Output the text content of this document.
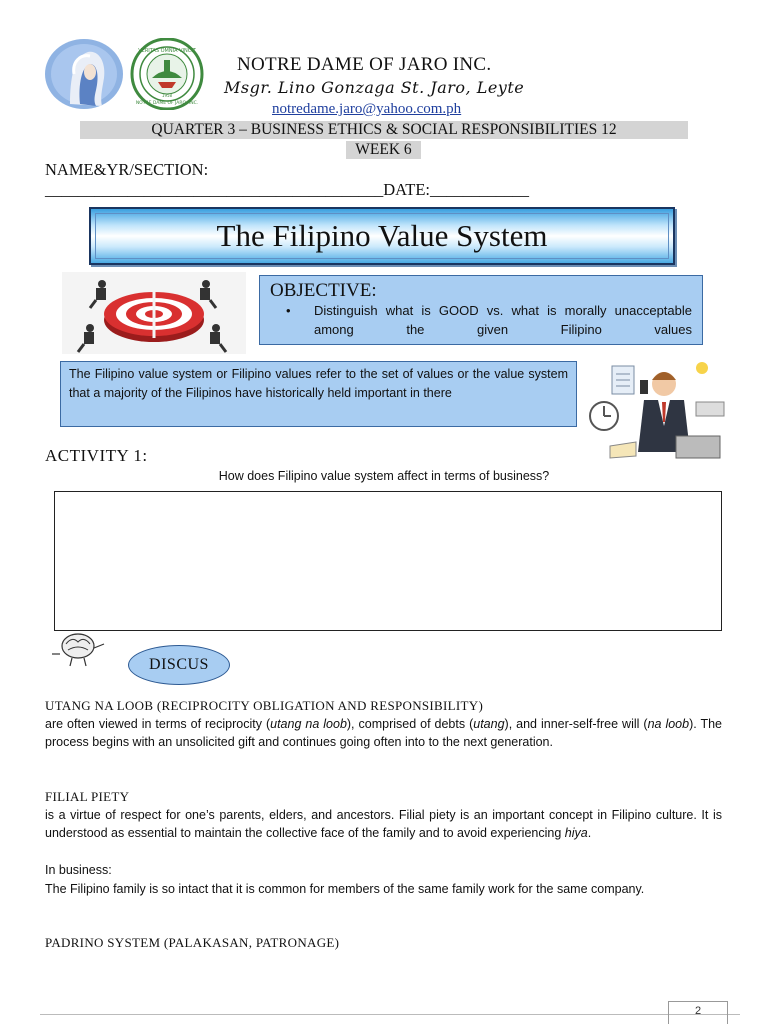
VERITAS OMNIA VINCIT
NOTRE DAME OF JARO, INC.
1958
NOTRE DAME OF JARO INC.
Msgr. Lino Gonzaga St. Jaro, Leyte
notredame.jaro@yahoo.com.ph
QUARTER 3 – BUSINESS ETHICS & SOCIAL RESPONSIBILITIES 12
WEEK 6
NAME&YR/SECTION:
_________________________________________DATE:____________
The Filipino Value System
OBJECTIVE:
•	Distinguish what is GOOD vs. what is morally unacceptable among the given Filipino values
The Filipino value system or Filipino values refer to the set of values or the value system that a majority of the Filipinos have historically held important in there
ACTIVITY 1:
How does Filipino value system affect in terms of business?
DISCUS
UTANG NA LOOB (RECIPROCITY OBLIGATION AND RESPONSIBILITY)
are often viewed in terms of reciprocity (utang na loob), comprised of debts (utang), and inner-self-free will (na loob). The process begins with an unsolicited gift and continues going often into to the next generation.
FILIAL PIETY
is a virtue of respect for one’s parents, elders, and ancestors. Filial piety is an important concept in Filipino culture. It is understood as essential to maintain the collective face of the family and to avoid experiencing hiya.
In business:
The Filipino family is so intact that it is common for members of the same family work for the same company.
PADRINO SYSTEM (PALAKASAN, PATRONAGE)
2
